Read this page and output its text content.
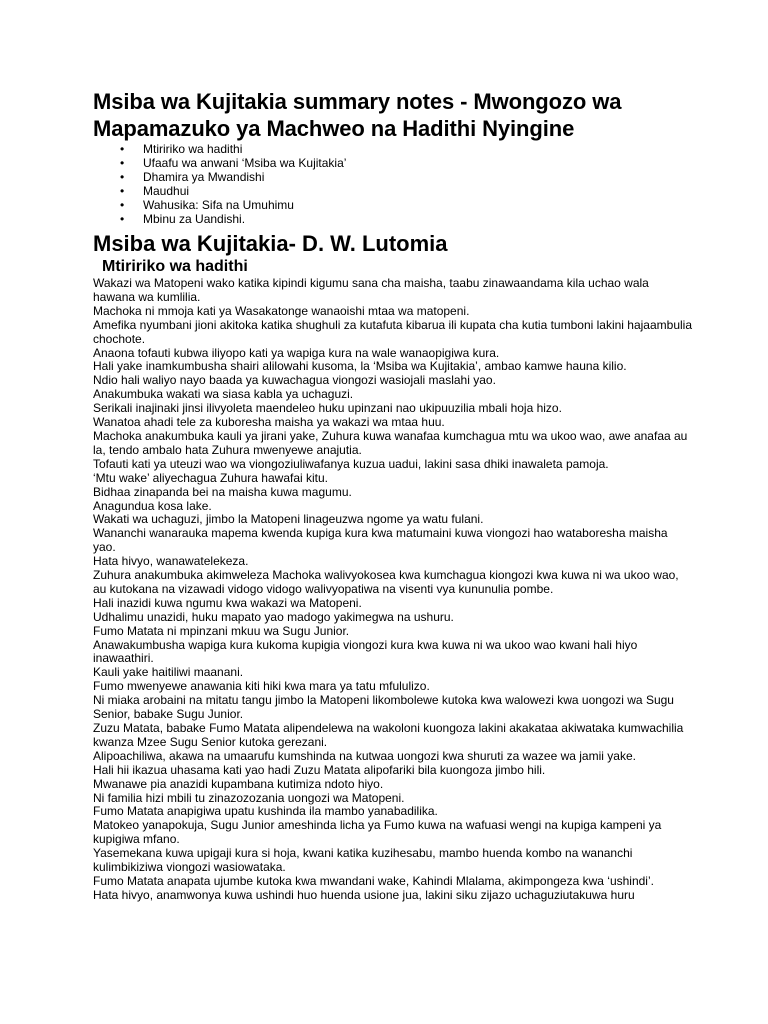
Msiba wa Kujitakia summary notes - Mwongozo wa Mapamazuko ya Machweo na Hadithi Nyingine
• Mtiririko wa hadithi
• Ufaafu wa anwani ‘Msiba wa Kujitakia’
• Dhamira ya Mwandishi
• Maudhui
• Wahusika: Sifa na Umuhimu
• Mbinu za Uandishi.
Msiba wa Kujitakia- D. W. Lutomia
Mtiririko wa hadithi

Wakazi wa Matopeni wako katika kipindi kigumu sana cha maisha, taabu zinawaandama kila uchao wala hawana wa kumlilia.

Machoka ni mmoja kati ya Wasakatonge wanaoishi mtaa wa matopeni.

Amefika nyumbani jioni akitoka katika shughuli za kutafuta kibarua ili kupata cha kutia tumboni lakini hajaambulia chochote.

Anaona tofauti kubwa iliyopo kati ya wapiga kura na wale wanaopigiwa kura.

Hali yake inamkumbusha shairi alilowahi kusoma, la ‘Msiba wa Kujitakia’, ambao kamwe hauna kilio.

Ndio hali waliyo nayo baada ya kuwachagua viongozi wasiojali maslahi yao.

Anakumbuka wakati wa siasa kabla ya uchaguzi.

Serikali inajinaki jinsi ilivyoleta maendeleo huku upinzani nao ukipuuzilia mbali hoja hizo.

Wanatoa ahadi tele za kuboresha maisha ya wakazi wa mtaa huu.

Machoka anakumbuka kauli ya jirani yake, Zuhura kuwa wanafaa kumchagua mtu wa ukoo wao, awe anafaa au la, tendo ambalo hata Zuhura mwenyewe anajutia.

Tofauti kati ya uteuzi wao wa viongoziuliwafanya kuzua uadui, lakini sasa dhiki inawaleta pamoja.

‘Mtu wake’ aliyechagua Zuhura hawafai kitu.

Bidhaa zinapanda bei na maisha kuwa magumu.

Anagundua kosa lake.

Wakati wa uchaguzi, jimbo la Matopeni linageuzwa ngome ya watu fulani.

Wananchi wanarauka mapema kwenda kupiga kura kwa matumaini kuwa viongozi hao wataboresha maisha yao.

Hata hivyo, wanawatelekeza.

Zuhura anakumbuka akimweleza Machoka walivyokosea kwa kumchagua kiongozi kwa kuwa ni wa ukoo wao, au kutokana na vizawadi vidogo vidogo walivyopatiwa na visenti vya kununulia pombe.

Hali inazidi kuwa ngumu kwa wakazi wa Matopeni.

Udhalimu unazidi, huku mapato yao madogo yakimegwa na ushuru.

Fumo Matata ni mpinzani mkuu wa Sugu Junior.

Anawakumbusha wapiga kura kukoma kupigia viongozi kura kwa kuwa ni wa ukoo wao kwani hali hiyo inawaathiri.

Kauli yake haitiliwi maanani.

Fumo mwenyewe anawania kiti hiki kwa mara ya tatu mfululizo.

Ni miaka arobaini na mitatu tangu jimbo la Matopeni likombolewe kutoka kwa walowezi kwa uongozi wa Sugu Senior, babake Sugu Junior.

Zuzu Matata, babake Fumo Matata alipendelewa na wakoloni kuongoza lakini akakataa akiwataka kumwachilia kwanza Mzee Sugu Senior kutoka gerezani.

Alipoachiliwa, akawa na umaarufu kumshinda na kutwaa uongozi kwa shuruti za wazee wa jamii yake.

Hali hii ikazua uhasama kati yao hadi Zuzu Matata alipofariki bila kuongoza jimbo hili.

Mwanawe pia anazidi kupambana kutimiza ndoto hiyo.

Ni familia hizi mbili tu zinazozozania uongozi wa Matopeni.

Fumo Matata anapigiwa upatu kushinda ila mambo yanabadilika.

Matokeo yanapokuja, Sugu Junior ameshinda licha ya Fumo kuwa na wafuasi wengi na kupiga kampeni ya kupigiwa mfano.

Yasemekana kuwa upigaji kura si hoja, kwani katika kuzihesabu, mambo huenda kombo na wananchi kulimbikiziwa viongozi wasiowataka.

Fumo Matata anapata ujumbe kutoka kwa mwandani wake, Kahindi Mlalama, akimpongeza kwa ‘ushindi’.

Hata hivyo, anamwonya kuwa ushindi huo huenda usione jua, lakini siku zijazo uchaguziutakuwa huru
